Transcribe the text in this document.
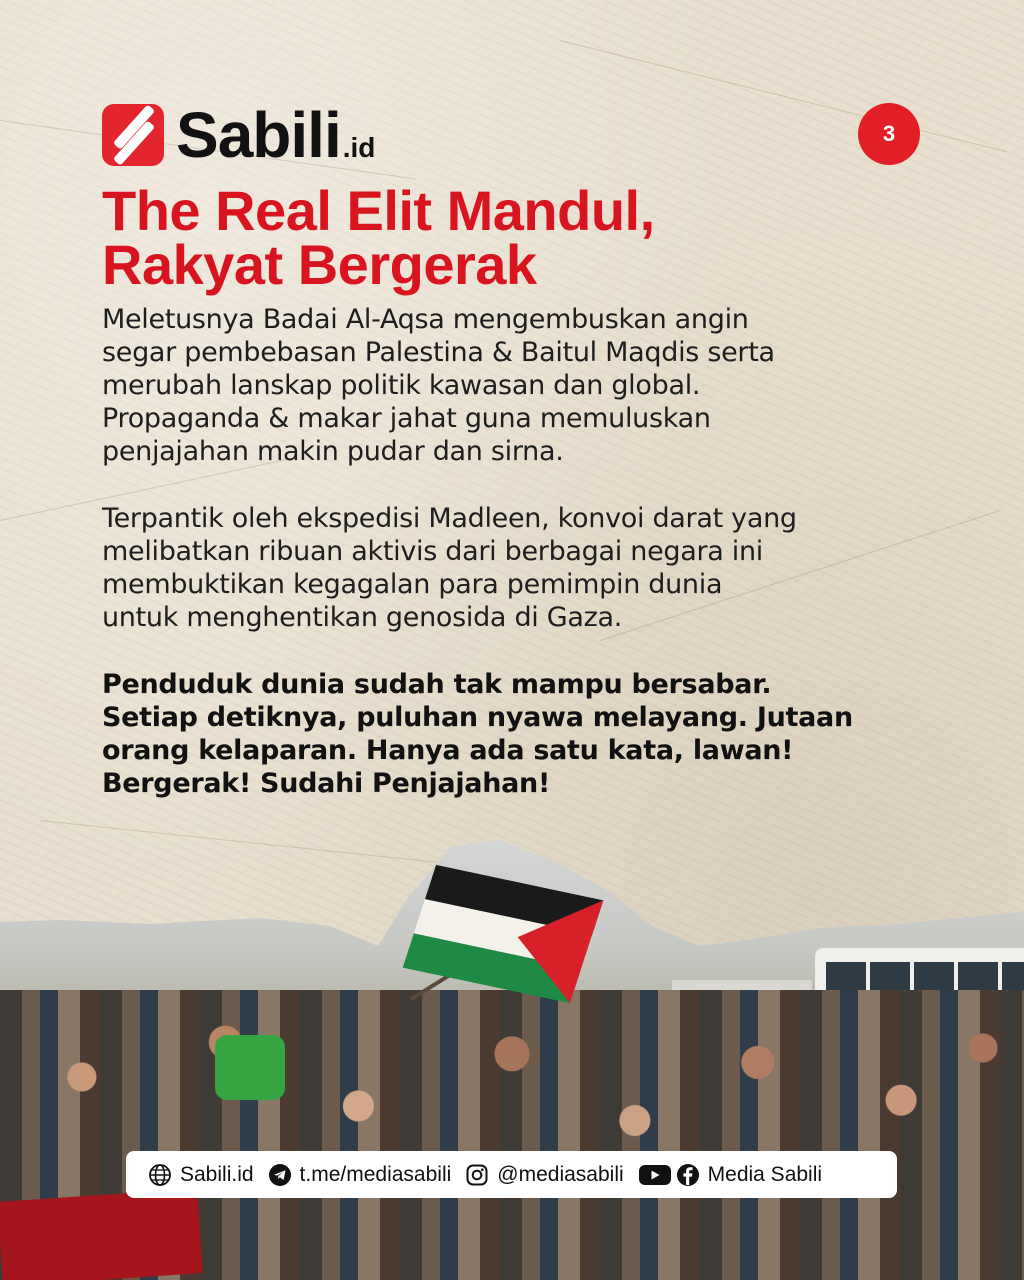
Sabili .id	3
The Real Elit Mandul,
Rakyat Bergerak

Meletusnya Badai Al-Aqsa mengembuskan angin
segar pembebasan Palestina & Baitul Maqdis serta
merubah lanskap politik kawasan dan global.
Propaganda & makar jahat guna memuluskan
penjajahan makin pudar dan sirna.

Terpantik oleh ekspedisi Madleen, konvoi darat yang
melibatkan ribuan aktivis dari berbagai negara ini
membuktikan kegagalan para pemimpin dunia
untuk menghentikan genosida di Gaza.

Penduduk dunia sudah tak mampu bersabar.
Setiap detiknya, puluhan nyawa melayang. Jutaan
orang kelaparan. Hanya ada satu kata, lawan!
Bergerak! Sudahi Penjajahan!

Sabili.id t.me/mediasabili @mediasabili	Media Sabili
